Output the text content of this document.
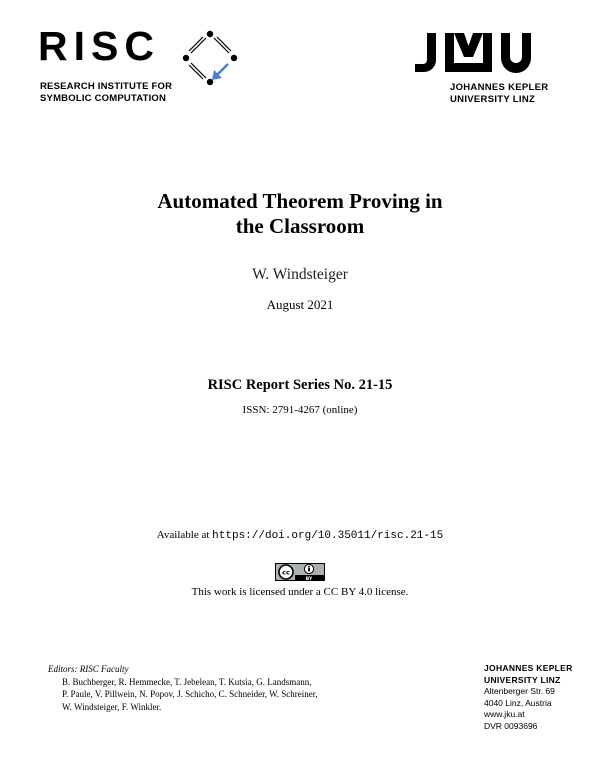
RISC
RESEARCH INSTITUTE FOR
SYMBOLIC COMPUTATION
JOHANNES KEPLER
UNIVERSITY LINZ
Automated Theorem Proving in
the Classroom
W. Windsteiger
August 2021
RISC Report Series No. 21-15
ISSN: 2791-4267 (online)
Available at https://doi.org/10.35011/risc.21-15
cc
BY
This work is licensed under a CC BY 4.0 license.
Editors: RISC Faculty
B. Buchberger, R. Hemmecke, T. Jebelean, T. Kutsia, G. Landsmann,
P. Paule, V. Pillwein, N. Popov, J. Schicho, C. Schneider, W. Schreiner,
W. Windsteiger, F. Winkler.
JOHANNES KEPLER
UNIVERSITY LINZ
Altenberger Str. 69
4040 Linz, Austria
www.jku.at
DVR 0093696
